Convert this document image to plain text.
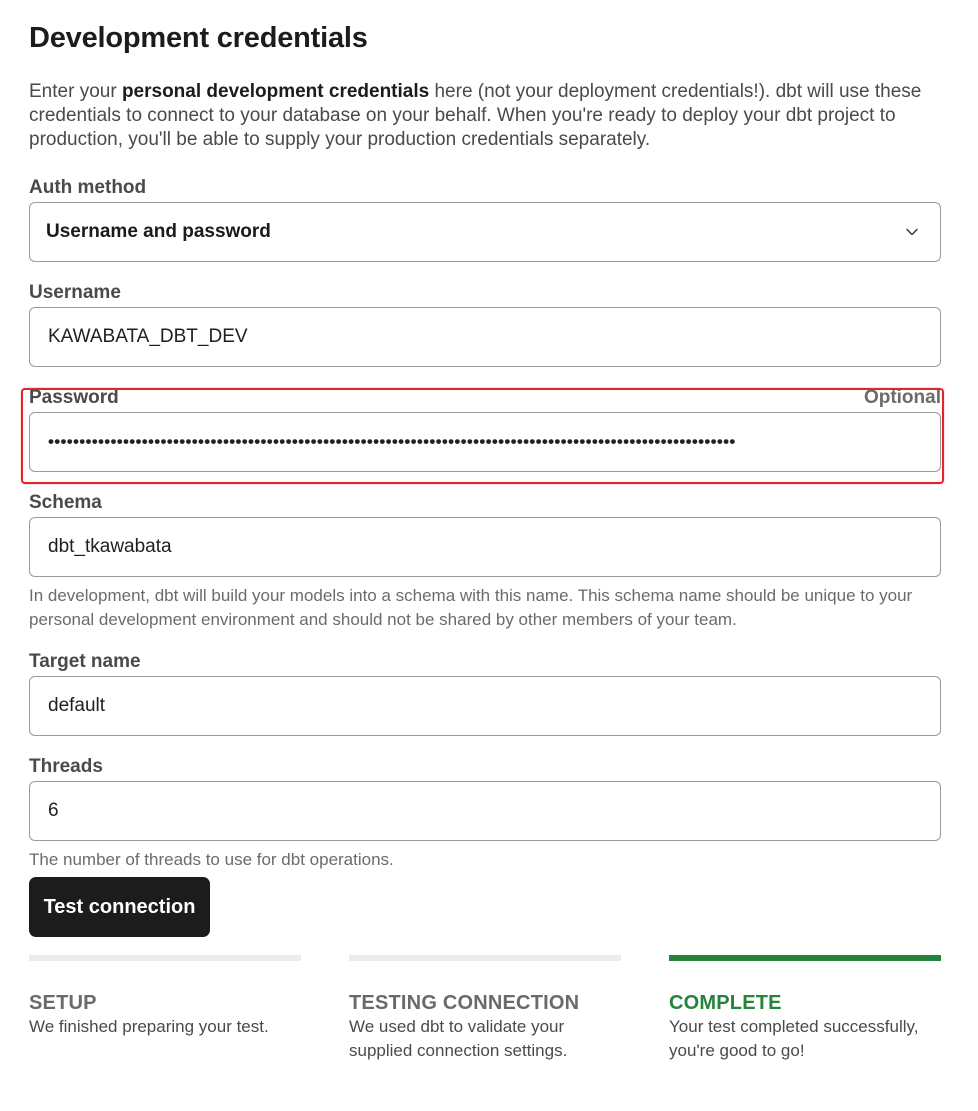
Development credentials

Enter your personal development credentials here (not your deployment credentials!). dbt will use these credentials to connect to your database on your behalf. When you're ready to deploy your dbt project to production, you'll be able to supply your production credentials separately.

Auth method
Username and password
Username
KAWABATA_DBT_DEV
Password	Optional
••••••••••••••••••••••••••••••••••••••••••••••••••••••••••••••••••••••••••••••••••••••••••••••••••••••••••••••
Schema
dbt_tkawabata

In development, dbt will build your models into a schema with this name. This schema name should be unique to your personal development environment and should not be shared by other members of your team.

Target name
default
Threads
6

The number of threads to use for dbt operations.

Test connection
SETUP
We finished preparing your test.
TESTING CONNECTION
We used dbt to validate your supplied connection settings.
COMPLETE
Your test completed successfully, you're good to go!
